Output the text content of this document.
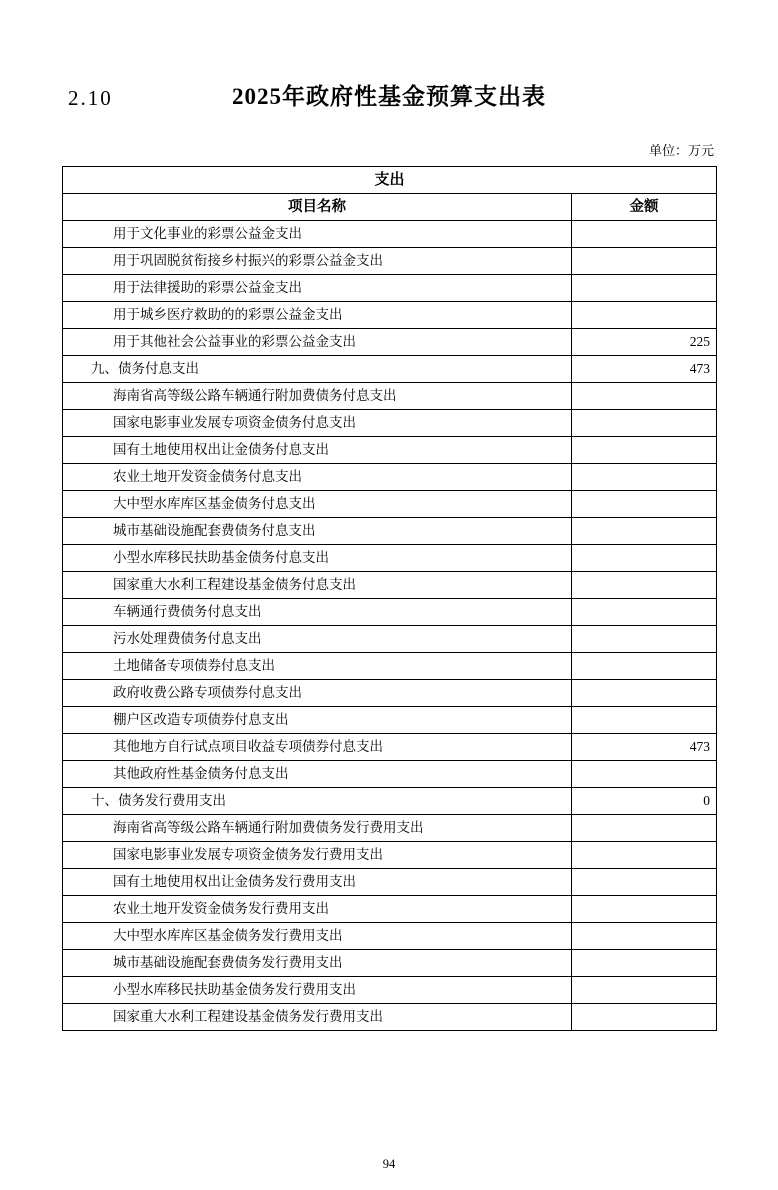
2.10	2025年政府性基金预算支出表
单位：万元
支出	
项目名称	金额
用于文化事业的彩票公益金支出	
用于巩固脱贫衔接乡村振兴的彩票公益金支出	
用于法律援助的彩票公益金支出	
用于城乡医疗救助的的彩票公益金支出	
用于其他社会公益事业的彩票公益金支出	225
九、债务付息支出	473
海南省高等级公路车辆通行附加费债务付息支出	
国家电影事业发展专项资金债务付息支出	
国有土地使用权出让金债务付息支出	
农业土地开发资金债务付息支出	
大中型水库库区基金债务付息支出	
城市基础设施配套费债务付息支出	
小型水库移民扶助基金债务付息支出	
国家重大水利工程建设基金债务付息支出	
车辆通行费债务付息支出	
污水处理费债务付息支出	
土地储备专项债券付息支出	
政府收费公路专项债券付息支出	
棚户区改造专项债券付息支出	
其他地方自行试点项目收益专项债券付息支出	473
其他政府性基金债务付息支出	
十、债务发行费用支出	0
海南省高等级公路车辆通行附加费债务发行费用支出	
国家电影事业发展专项资金债务发行费用支出	
国有土地使用权出让金债务发行费用支出	
农业土地开发资金债务发行费用支出	
大中型水库库区基金债务发行费用支出	
城市基础设施配套费债务发行费用支出	
小型水库移民扶助基金债务发行费用支出	
国家重大水利工程建设基金债务发行费用支出	
94
